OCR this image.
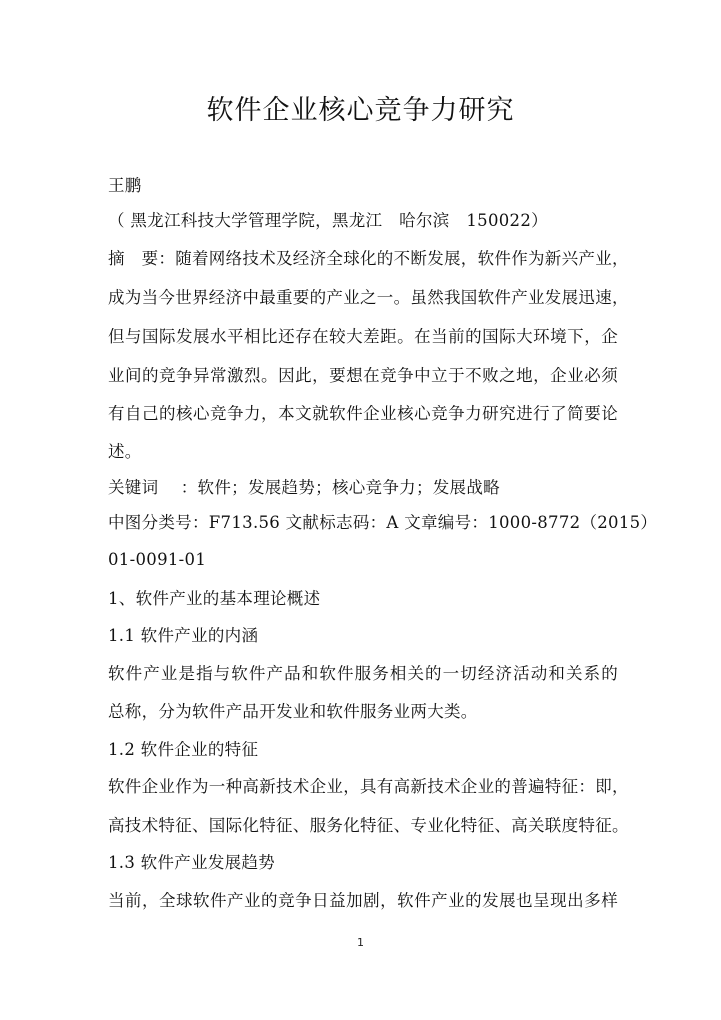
软件企业核心竞争力研究
王鹏
（ 黑龙江科技大学管理学院，黑龙江　哈尔滨　150022）
摘　要：随着网络技术及经济全球化的不断发展，软件作为新兴产业，
成为当今世界经济中最重要的产业之一。虽然我国软件产业发展迅速，
但与国际发展水平相比还存在较大差距。在当前的国际大环境下，企
业间的竞争异常激烈。因此，要想在竞争中立于不败之地，企业必须
有自己的核心竞争力，本文就软件企业核心竞争力研究进行了简要论
述。
关键词　 ：软件；发展趋势；核心竞争力；发展战略
中图分类号：F713.56 文献标志码：A 文章编号：1000-8772（2015）
01-0091-01
1、软件产业的基本理论概述
1.1 软件产业的内涵
软件产业是指与软件产品和软件服务相关的一切经济活动和关系的
总称，分为软件产品开发业和软件服务业两大类。
1.2 软件企业的特征
软件企业作为一种高新技术企业，具有高新技术企业的普遍特征：即，
高技术特征、国际化特征、服务化特征、专业化特征、高关联度特征。
1.3 软件产业发展趋势
当前，全球软件产业的竞争日益加剧，软件产业的发展也呈现出多样
1
